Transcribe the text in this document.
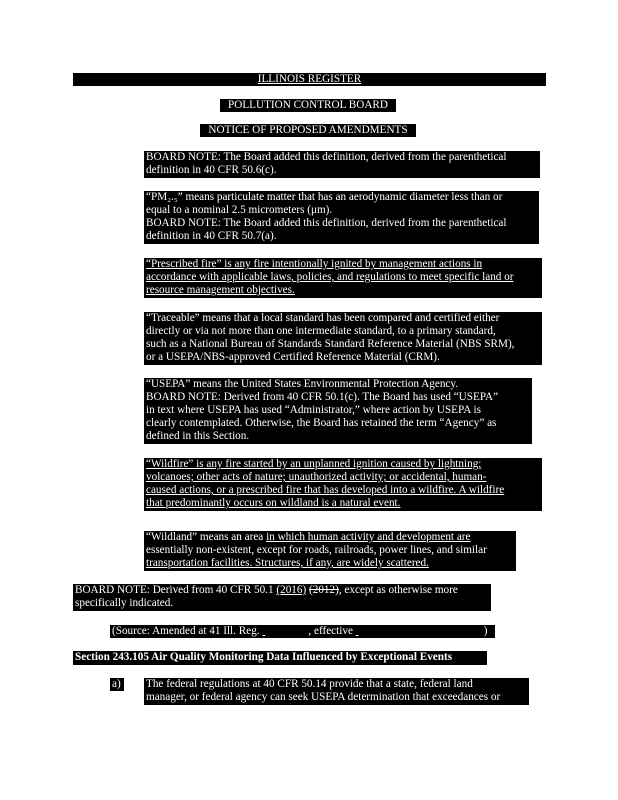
ILLINOIS REGISTER
POLLUTION CONTROL BOARD
NOTICE OF PROPOSED AMENDMENTS
BOARD NOTE: The Board added this definition, derived from the parenthetical
definition in 40 CFR 50.6(c).
“PM₂.₅” means particulate matter that has an aerodynamic diameter less than or
equal to a nominal 2.5 micrometers (μm).
BOARD NOTE: The Board added this definition, derived from the parenthetical
definition in 40 CFR 50.7(a).
“Prescribed fire” is any fire intentionally ignited by management actions in
accordance with applicable laws, policies, and regulations to meet specific land or
resource management objectives.
“Traceable” means that a local standard has been compared and certified either
directly or via not more than one intermediate standard, to a primary standard,
such as a National Bureau of Standards Standard Reference Material (NBS SRM),
or a USEPA/NBS-approved Certified Reference Material (CRM).
“USEPA” means the United States Environmental Protection Agency.
BOARD NOTE: Derived from 40 CFR 50.1(c). The Board has used “USEPA”
in text where USEPA has used “Administrator,” where action by USEPA is
clearly contemplated. Otherwise, the Board has retained the term “Agency” as
defined in this Section.
“Wildfire” is any fire started by an unplanned ignition caused by lightning;
volcanoes; other acts of nature; unauthorized activity; or accidental, human-
caused actions, or a prescribed fire that has developed into a wildfire. A wildfire
that predominantly occurs on wildland is a natural event.
“Wildland” means an area in which human activity and development are
essentially non-existent, except for roads, railroads, power lines, and similar
transportation facilities. Structures, if any, are widely scattered.
BOARD NOTE: Derived from 40 CFR 50.1 (2016) (2012), except as otherwise more
specifically indicated.
(Source: Amended at 41 Ill. Reg.	, effective	)
Section 243.105 Air Quality Monitoring Data Influenced by Exceptional Events
a) The federal regulations at 40 CFR 50.14 provide that a state, federal land
manager, or federal agency can seek USEPA determination that exceedances or
